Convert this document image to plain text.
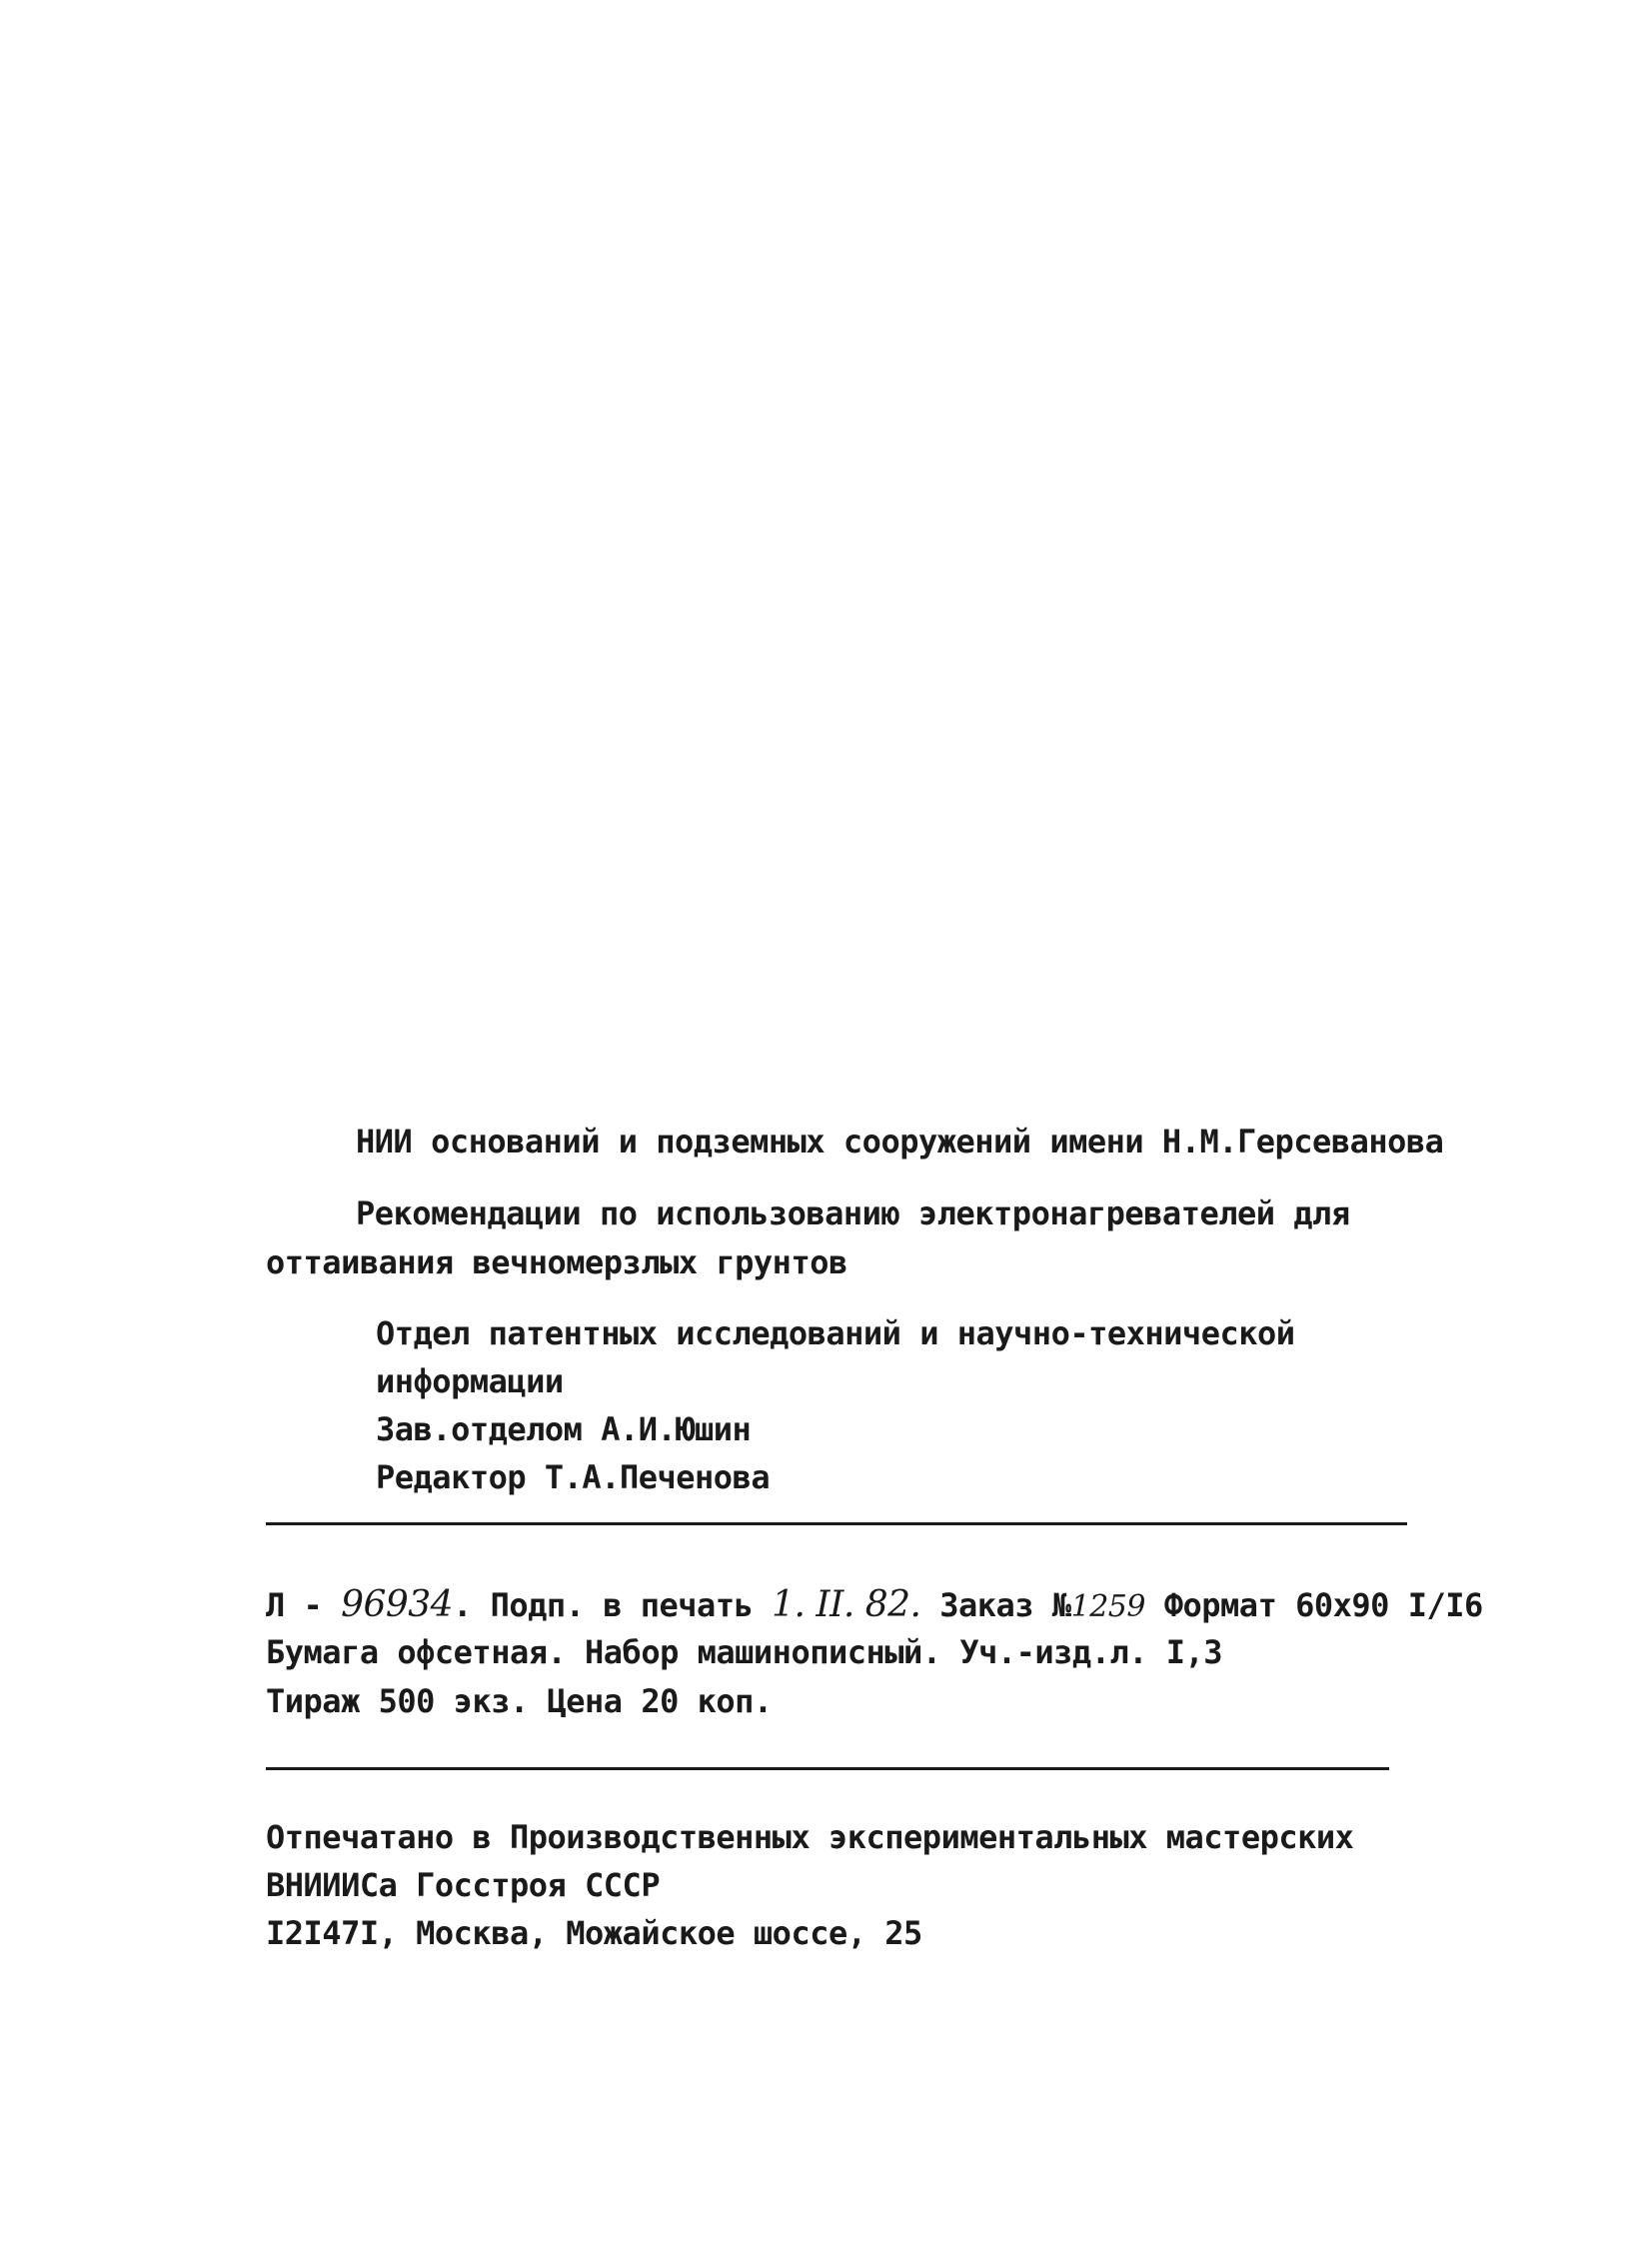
НИИ оснований и подземных сооружений имени Н.М.Герсеванова
Рекомендации по использованию электронагревателей для
оттаивания вечномерзлых грунтов
Отдел патентных исследований и научно-технической
информации
Зав.отделом А.И.Юшин
Редактор Т.А.Печенова
Л - 96934. Подп. в печать 1. II. 82. Заказ №1259 Формат 60х90 I/I6
Бумага офсетная. Набор машинописный. Уч.-изд.л. I,3
Тираж 500 экз. Цена 20 коп.
Отпечатано в Производственных экспериментальных мастерских
ВНИИИСа Госстроя СССР
I2I47I, Москва, Можайское шоссе, 25
